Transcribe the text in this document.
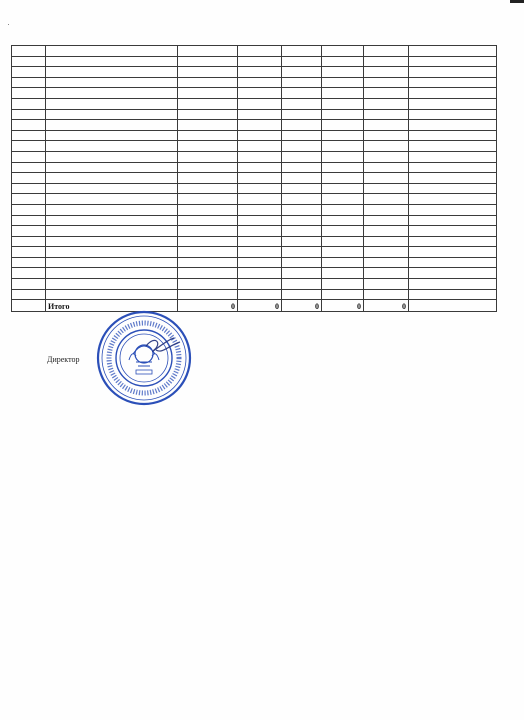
	Итого	0	0	0	0	0	
Директор
